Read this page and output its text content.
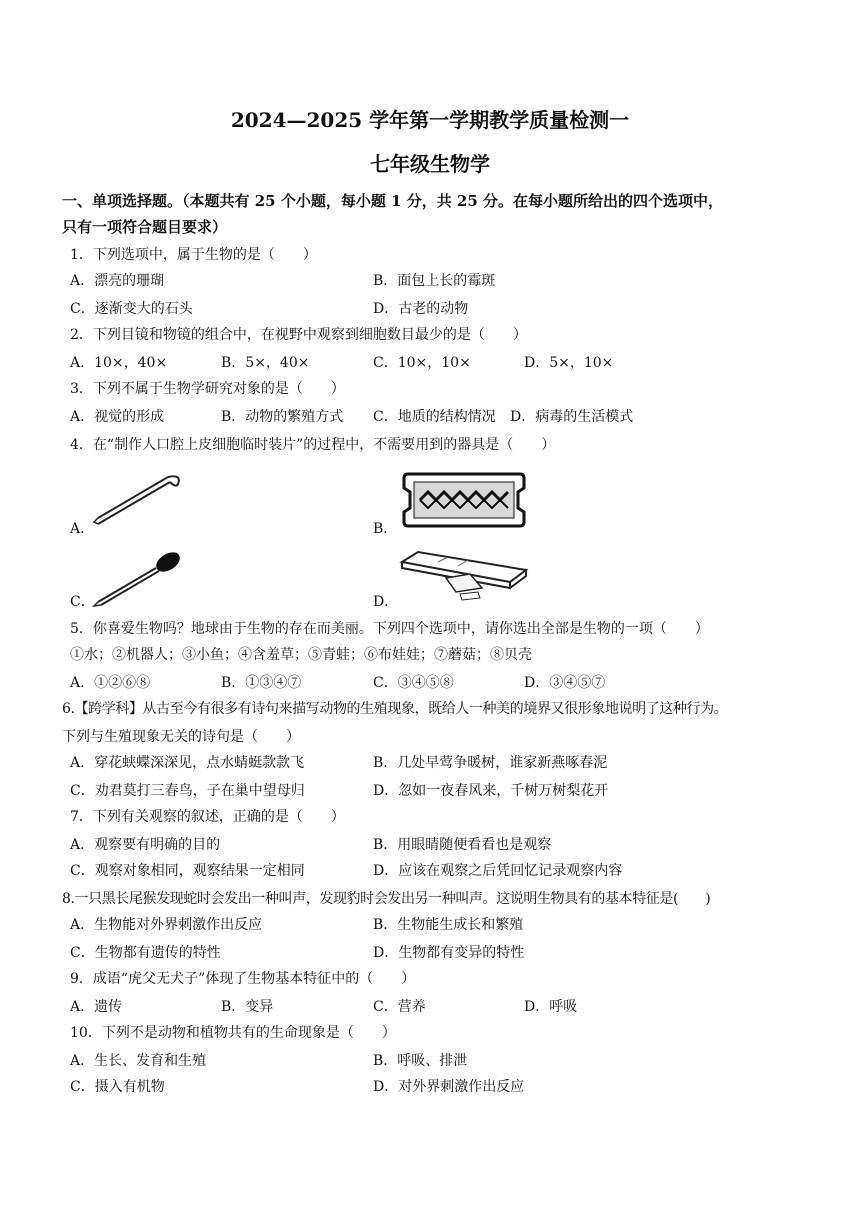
2024—2025 学年第一学期教学质量检测一
七年级生物学
一、单项选择题。（本题共有 25 个小题，每小题 1 分，共 25 分。在每小题所给出的四个选项中，
只有一项符合题目要求）
1．下列选项中，属于生物的是（　　）
A．漂亮的珊瑚	B．面包上长的霉斑
C．逐渐变大的石头	D．古老的动物
2．下列目镜和物镜的组合中，在视野中观察到细胞数目最少的是（　　）
A．10×，40×	B．5×，40×	C．10×，10×	D．5×，10×
3．下列不属于生物学研究对象的是（　　）
A．视觉的形成	B．动物的繁殖方式 C．地质的结构情况 D．病毒的生活模式
4．在“制作人口腔上皮细胞临时装片”的过程中，不需要用到的器具是（　　）
A．	B．
C．	D．
5．你喜爱生物吗？地球由于生物的存在而美丽。下列四个选项中，请你选出全部是生物的一项（　　）
①水；②机器人；③小鱼；④含羞草；⑤青蛙；⑥布娃娃；⑦蘑菇；⑧贝壳
A．①②⑥⑧	B．①③④⑦	C．③④⑤⑧	D．③④⑤⑦
6.【跨学科】从古至今有很多有诗句来描写动物的生殖现象，既给人一种美的境界又很形象地说明了这种行为。
下列与生殖现象无关的诗句是（　　）
A．穿花蛱蝶深深见，点水蜻蜓款款飞	B．几处早莺争暖树，谁家新燕啄春泥
C．劝君莫打三春鸟，子在巢中望母归	D．忽如一夜春风来，千树万树梨花开
7．下列有关观察的叙述，正确的是（　　）
A．观察要有明确的目的	B．用眼睛随便看看也是观察
C．观察对象相同，观察结果一定相同	D．应该在观察之后凭回忆记录观察内容
8.一只黑长尾猴发现蛇时会发出一种叫声，发现豹时会发出另一种叫声。这说明生物具有的基本特征是(　　)
A．生物能对外界刺激作出反应	B．生物能生成长和繁殖
C．生物都有遗传的特性	D．生物都有变异的特性
9．成语“虎父无犬子”体现了生物基本特征中的（　　）
A．遗传	B．变异	C．营养	D．呼吸
10．下列不是动物和植物共有的生命现象是（　　）
A．生长、发育和生殖	B．呼吸、排泄
C．摄入有机物	D．对外界刺激作出反应
